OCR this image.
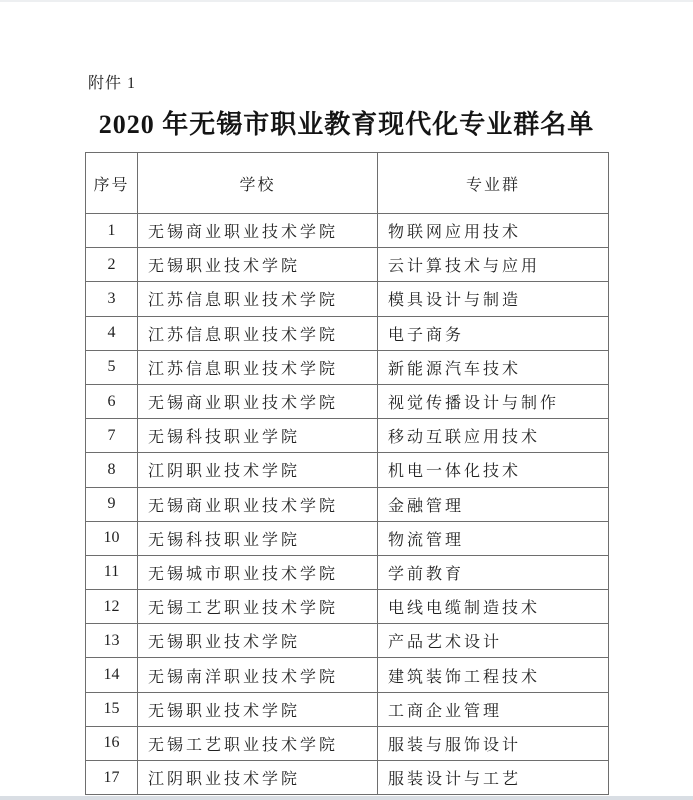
附件 1
2020 年无锡市职业教育现代化专业群名单
序号	学校	专业群
1	无锡商业职业技术学院	物联网应用技术
2	无锡职业技术学院	云计算技术与应用
3	江苏信息职业技术学院	模具设计与制造
4	江苏信息职业技术学院	电子商务
5	江苏信息职业技术学院	新能源汽车技术
6	无锡商业职业技术学院	视觉传播设计与制作
7	无锡科技职业学院	移动互联应用技术
8	江阴职业技术学院	机电一体化技术
9	无锡商业职业技术学院	金融管理
10	无锡科技职业学院	物流管理
11	无锡城市职业技术学院	学前教育
12	无锡工艺职业技术学院	电线电缆制造技术
13	无锡职业技术学院	产品艺术设计
14	无锡南洋职业技术学院	建筑装饰工程技术
15	无锡职业技术学院	工商企业管理
16	无锡工艺职业技术学院	服装与服饰设计
17	江阴职业技术学院	服装设计与工艺
